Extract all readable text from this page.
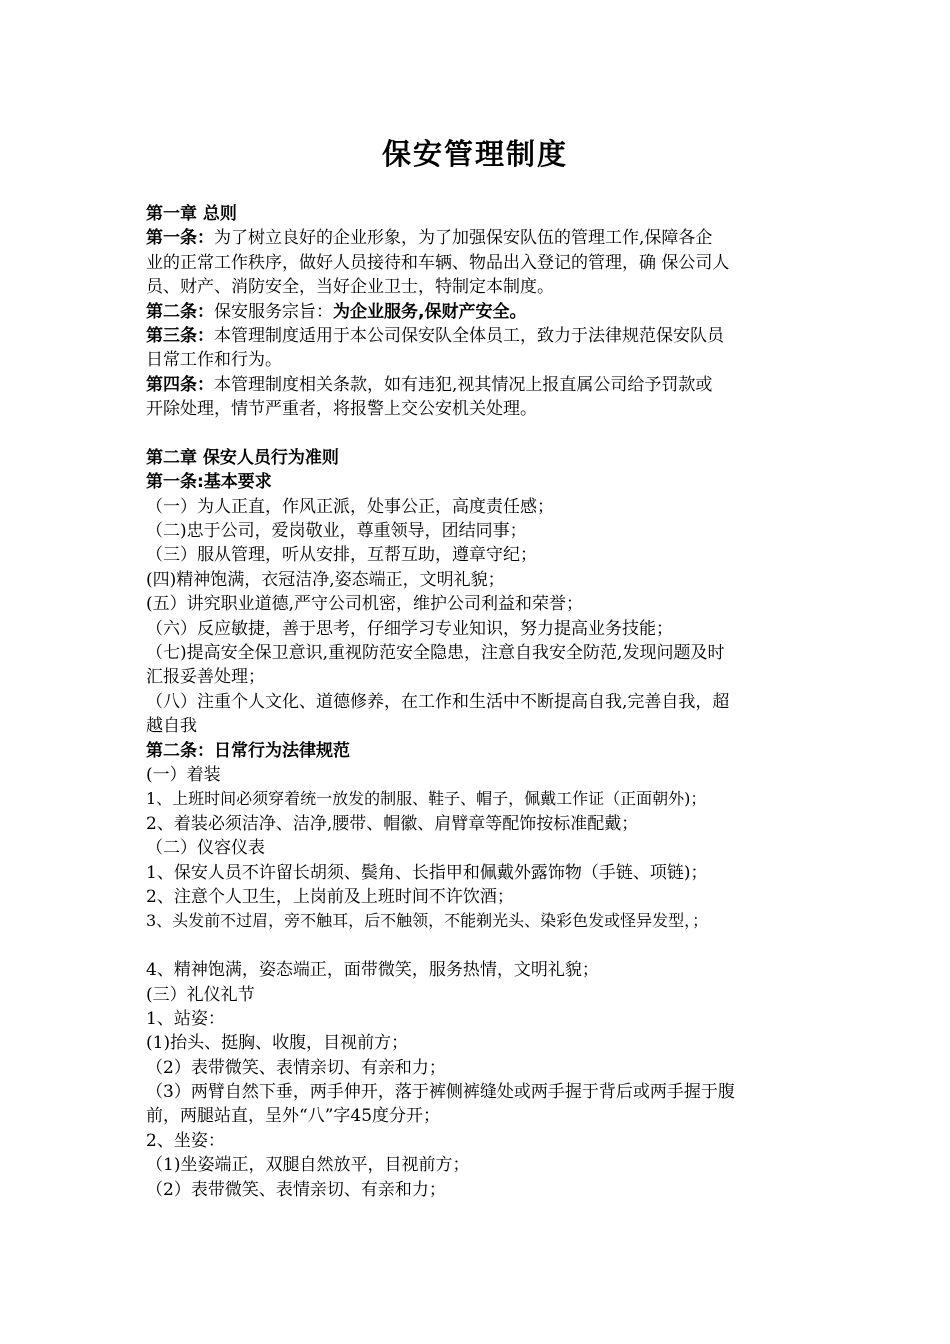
保安管理制度
第一章 总则
第一条：为了树立良好的企业形象，为了加强保安队伍的管理工作,保障各企
业的正常工作秩序，做好人员接待和车辆、物品出入登记的管理，确 保公司人
员、财产、消防安全，当好企业卫士，特制定本制度。
第二条：保安服务宗旨：为企业服务,保财产安全。
第三条：本管理制度适用于本公司保安队全体员工，致力于法律规范保安队员
日常工作和行为。
第四条：本管理制度相关条款，如有违犯,视其情况上报直属公司给予罚款或
开除处理，情节严重者，将报警上交公安机关处理。
第二章 保安人员行为准则
第一条:基本要求
（一）为人正直，作风正派，处事公正，高度责任感；
（二)忠于公司，爱岗敬业，尊重领导，团结同事；
（三）服从管理，听从安排，互帮互助，遵章守纪；
(四)精神饱满，衣冠洁净,姿态端正，文明礼貌；
(五）讲究职业道德,严守公司机密，维护公司利益和荣誉；
（六）反应敏捷，善于思考，仔细学习专业知识，努力提高业务技能；
（七)提高安全保卫意识,重视防范安全隐患，注意自我安全防范,发现问题及时
汇报妥善处理；
（八）注重个人文化、道德修养，在工作和生活中不断提高自我,完善自我，超
越自我
第二条：日常行为法律规范
(一）着装
1、上班时间必须穿着统一放发的制服、鞋子、帽子，佩戴工作证（正面朝外)；
2、着装必须洁净、洁净,腰带、帽徽、肩臂章等配饰按标准配戴；
（二）仪容仪表
1、保安人员不许留长胡须、鬓角、长指甲和佩戴外露饰物（手链、项链)；
2、注意个人卫生，上岗前及上班时间不许饮酒；
3、头发前不过眉，旁不触耳，后不触领，不能剃光头、染彩色发或怪异发型，；
4、精神饱满，姿态端正，面带微笑，服务热情，文明礼貌；
(三）礼仪礼节
1、站姿：
(1)抬头、挺胸、收腹，目视前方；
（2）表带微笑、表情亲切、有亲和力；
（3）两臂自然下垂，两手伸开，落于裤侧裤缝处或两手握于背后或两手握于腹
前，两腿站直，呈外“八”字45度分开；
2、坐姿：
（1)坐姿端正，双腿自然放平，目视前方；
（2）表带微笑、表情亲切、有亲和力；
